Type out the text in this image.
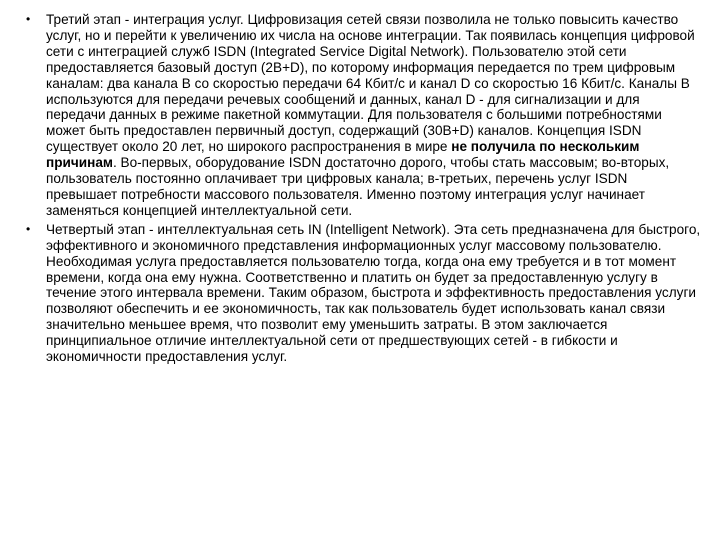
• Третий этап - интеграция услуг. Цифровизация сетей связи позволила не только повысить качество услуг, но и перейти к увеличению их числа на основе интеграции. Так появилась концепция цифровой сети с интеграцией служб ISDN (Integrated Service Digital Network). Пользователю этой сети предоставляется базовый доступ (2B+D), по которому информация передается по трем цифровым каналам: два канала B со скоростью передачи 64 Кбит/с и канал D со скоростью 16 Кбит/с. Каналы B используются для передачи речевых сообщений и данных, канал D - для сигнализации и для передачи данных в режиме пакетной коммутации. Для пользователя с большими потребностями может быть предоставлен первичный доступ, содержащий (30B+D) каналов. Концепция ISDN существует около 20 лет, но широкого распространения в мире не получила по нескольким причинам. Во-первых, оборудование ISDN достаточно дорого, чтобы стать массовым; во-вторых, пользователь постоянно оплачивает три цифровых канала; в-третьих, перечень услуг ISDN превышает потребности массового пользователя. Именно поэтому интеграция услуг начинает заменяться концепцией интеллектуальной сети.
• Четвертый этап - интеллектуальная сеть IN (Intelligent Network). Эта сеть предназначена для быстрого, эффективного и экономичного представления информационных услуг массовому пользователю. Необходимая услуга предоставляется пользователю тогда, когда она ему требуется и в тот момент времени, когда она ему нужна. Соответственно и платить он будет за предоставленную услугу в течение этого интервала времени. Таким образом, быстрота и эффективность предоставления услуги позволяют обеспечить и ее экономичность, так как пользователь будет использовать канал связи значительно меньшее время, что позволит ему уменьшить затраты. В этом заключается принципиальное отличие интеллектуальной сети от предшествующих сетей - в гибкости и экономичности предоставления услуг.
